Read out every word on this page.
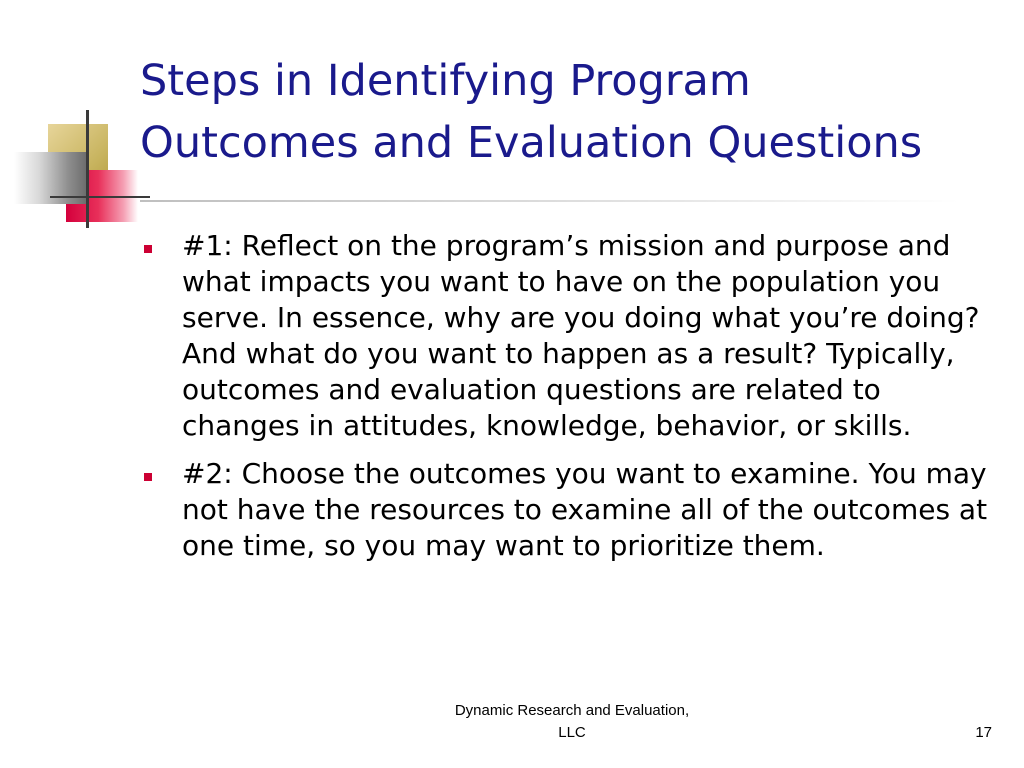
Steps in Identifying Program
Outcomes and Evaluation Questions
#1: Reflect on the program’s mission and purpose and what impacts you want to have on the population you serve. In essence, why are you doing what you’re doing? And what do you want to happen as a result? Typically, outcomes and evaluation questions are related to changes in attitudes, knowledge, behavior, or skills.
#2: Choose the outcomes you want to examine. You may not have the resources to examine all of the outcomes at one time, so you may want to prioritize them.
Dynamic Research and Evaluation,
LLC	17
